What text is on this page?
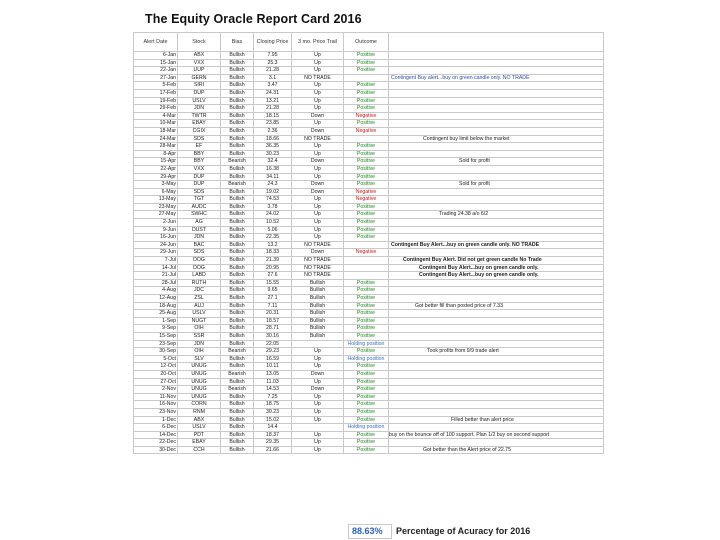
The Equity Oracle Report Card 2016
Alert Date	Stock	Bias	Closing Price	3 mo. Price Trail	Outcome	
6-Jan	ABX	Bullish	7.95	Up	Positive	

15-Jan	VXX	Bullish	25.3	Up	Positive	

22-Jan	UUP	Bullish	21.28	Up	Positive	

27-Jan	GERN	Bullish	3.1	NO TRADE		Contingent Buy alert...buy on green candle only. NO TRADE

5-Feb	SIRI	Bullish	3.47	Up	Positive	

17-Feb	DUP	Bullish	24.31	Up	Positive	

19-Feb	USLV	Bullish	13.21	Up	Positive	

29-Feb	JDN	Bullish	21.28	Up	Positive	

4-Mar	TWTR	Bullish	18.15	Down	Negative	

10-Mar	EBAY	Bullish	23.85	Up	Positive	

18-Mar	CGIX	Bullish	2.36	Down	Negative	

24-Mar	SDS	Bullish	18.66	NO TRADE		Contingent buy limit below the market

28-Mar	EF	Bullish	36.35	Up	Positive	

8-Apr	BBY	Bullish	30.23	Up	Positive	

15-Apr	BBY	Bearish	32.4	Down	Positive	Sold for profit

22-Apr	VXX	Bullish	16.38	Up	Positive	

29-Apr	DUP	Bullish	34.11	Up	Positive	

3-May	DUP	Bearish	24.3	Down	Positive	Sold for profit

6-May	SDS	Bullish	19.02	Down	Negative	

13-May	TGT	Bullish	74.53	Up	Negative	

23-May	AUDC	Bullish	3.78	Up	Positive	

27-May	SWHC	Bullish	24.02	Up	Positive	Trading 24.38 a/o 6/2

2-Jun	AG	Bullish	10.52	Up	Positive	

9-Jun	DUST	Bullish	5.06	Up	Positive	

16-Jun	JDN	Bullish	22.35	Up	Positive	

24-Jun	BAC	Bullish	13.2	NO TRADE		Contingent Buy Alert...buy on green candle only. NO TRADE

29-Jun	SDS	Bullish	18.33	Down	Negative	

7-Jul	DOG	Bullish	21.39	NO TRADE		Contingent Buy Alert. Did not get green candle No Trade

14-Jul	DOG	Bullish	20.95	NO TRADE		Contingent Buy Alert...buy on green candle only.

21-Jul	LABD	Bullish	27.6	NO TRADE		Contingent Buy Alert...buy on green candle only.

28-Jul	RUTH	Bullish	15.55	Bullish	Positive	

4-Aug	JDC	Bullish	9.65	Bullish	Positive	

12-Aug	ZSL	Bullish	27.1	Bullish	Positive	

18-Aug	AUJ	Bullish	7.11	Bullish	Positive	Got better fill than posted price of 7.33

25-Aug	USLV	Bullish	20.31	Bullish	Positive	

1-Sep	NUGT	Bullish	18.57	Bullish	Positive	

9-Sep	OIH	Bullish	28.71	Bullish	Positive	

15-Sep	SSR	Bullish	30.16	Bullish	Positive	

23-Sep	JDN	Bullish	22.05		Holding position	

30-Sep	OIH	Bearish	29.23	Up	Positive	Took profits from 9/9 trade alert

5-Oct	SLV	Bullish	16.59	Up	Holding position	

12-Oct	UNUG	Bullish	10.11	Up	Positive	

20-Oct	UNUG	Bearish	13.05	Down	Positive	

27-Oct	UNUG	Bullish	11.03	Up	Positive	

2-Nov	UNUG	Bearish	14.53	Down	Positive	

11-Nov	UNUG	Bullish	7.25	Up	Positive	

16-Nov	CORN	Bullish	18.75	Up	Positive	

23-Nov	RNM	Bullish	30.23	Up	Positive	

1-Dec	ABX	Bullish	15.02	Up	Positive	Filled better than alert price

6-Dec	USLV	Bullish	14.4		Holding position	

14-Dec	PDT	Bullish	18.37	Up	Positive	buy on the bounce off of 100 support. Plan 1/2 buy on second support

22-Dec	EBAY	Bullish	29.35	Up	Positive	

30-Dec	CCH	Bullish	21.66	Up	Positive	Got better than the Alert price of 22.75
88.63% Percentage of Acuracy for 2016
